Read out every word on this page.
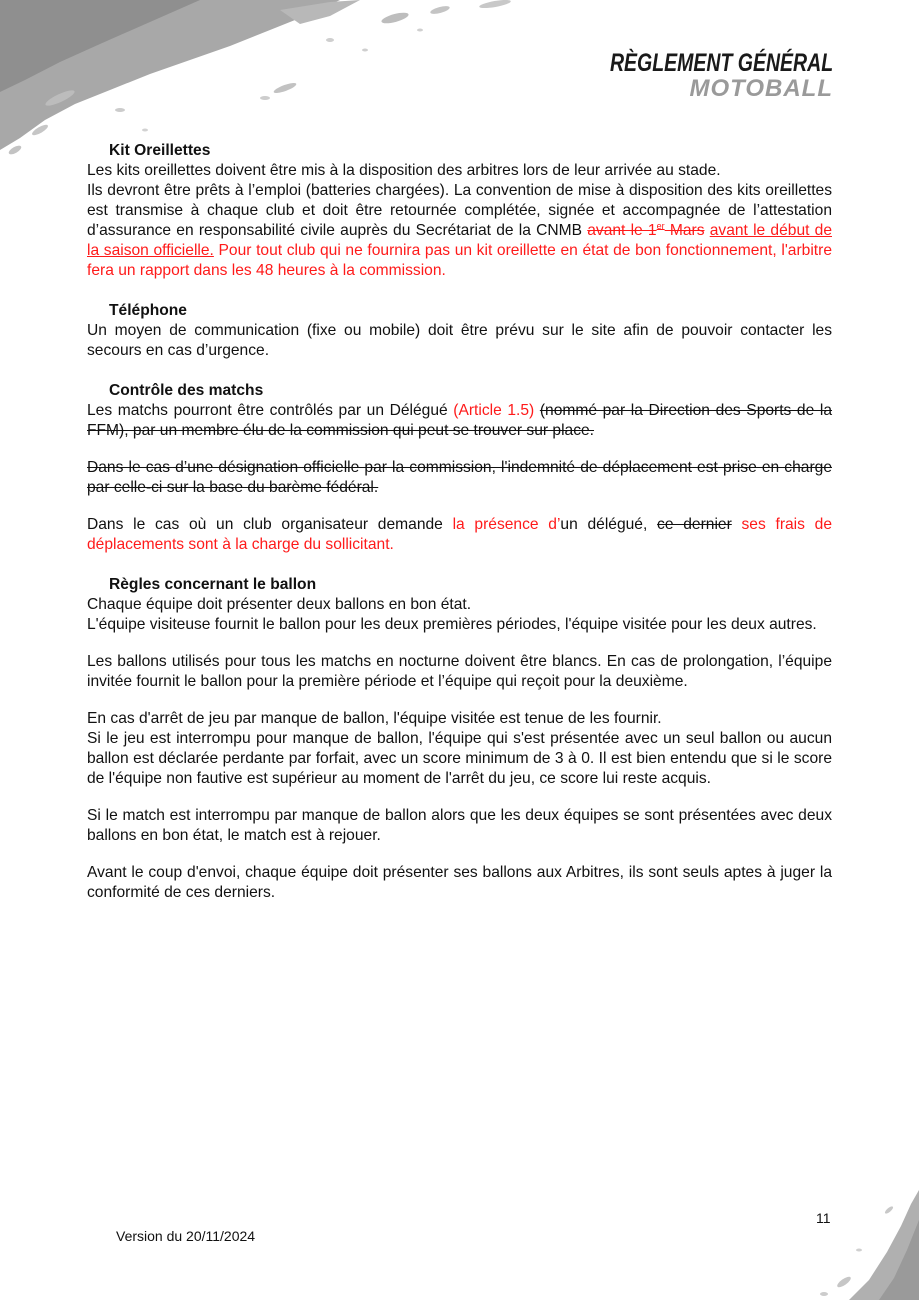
RÈGLEMENT GÉNÉRAL
MOTOBALL
Kit Oreillettes

Les kits oreillettes doivent être mis à la disposition des arbitres lors de leur arrivée au stade.

Ils devront être prêts à l’emploi (batteries chargées). La convention de mise à disposition des kits oreillettes est transmise à chaque club et doit être retournée complétée, signée et accompagnée de l’attestation d’assurance en responsabilité civile auprès du Secrétariat de la CNMB avant le 1er Mars avant le début de la saison officielle. Pour tout club qui ne fournira pas un kit oreillette en état de bon fonctionnement, l'arbitre fera un rapport dans les 48 heures à la commission.

Téléphone

Un moyen de communication (fixe ou mobile) doit être prévu sur le site afin de pouvoir contacter les secours en cas d’urgence.

Contrôle des matchs

Les matchs pourront être contrôlés par un Délégué (Article 1.5) (nommé par la Direction des Sports de la FFM), par un membre élu de la commission qui peut se trouver sur place.

Dans le cas d’une désignation officielle par la commission, l'indemnité de déplacement est prise en charge par celle-ci sur la base du barème fédéral.

Dans le cas où un club organisateur demande la présence d’un délégué, ce dernier ses frais de déplacements sont à la charge du sollicitant.

Règles concernant le ballon

Chaque équipe doit présenter deux ballons en bon état.

L'équipe visiteuse fournit le ballon pour les deux premières périodes, l'équipe visitée pour les deux autres.

Les ballons utilisés pour tous les matchs en nocturne doivent être blancs. En cas de prolongation, l’équipe invitée fournit le ballon pour la première période et l’équipe qui reçoit pour la deuxième.

En cas d'arrêt de jeu par manque de ballon, l'équipe visitée est tenue de les fournir.

Si le jeu est interrompu pour manque de ballon, l'équipe qui s'est présentée avec un seul ballon ou aucun ballon est déclarée perdante par forfait, avec un score minimum de 3 à 0. Il est bien entendu que si le score de l'équipe non fautive est supérieur au moment de l'arrêt du jeu, ce score lui reste acquis.

Si le match est interrompu par manque de ballon alors que les deux équipes se sont présentées avec deux ballons en bon état, le match est à rejouer.

Avant le coup d'envoi, chaque équipe doit présenter ses ballons aux Arbitres, ils sont seuls aptes à juger la conformité de ces derniers.

11
Version du 20/11/2024
